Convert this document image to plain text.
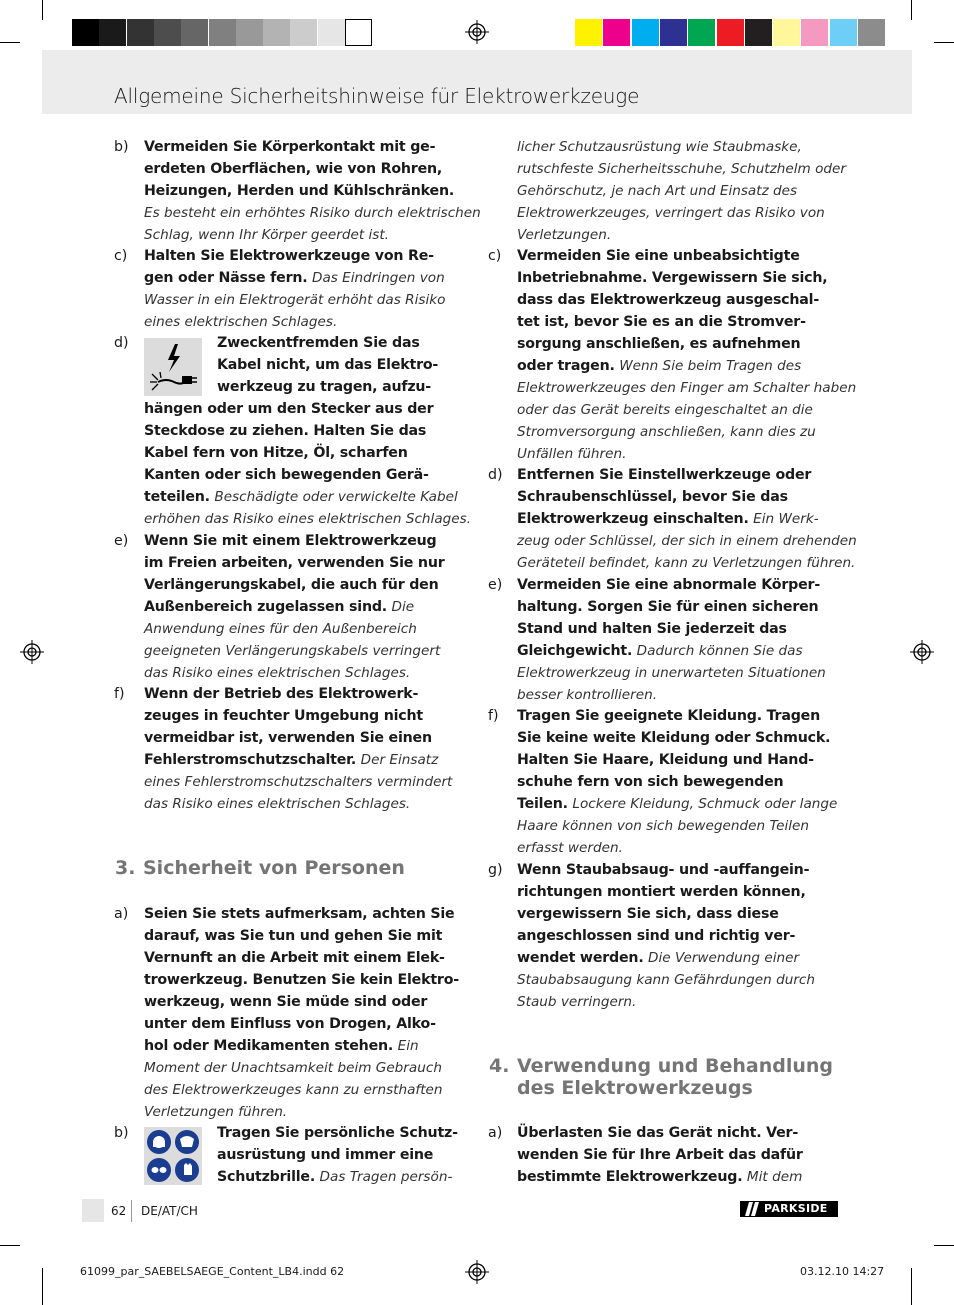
Allgemeine Sicherheitshinweise für Elektrowerkzeuge
62 DE/AT/CH	PARKSIDE
61099_par_SAEBELSAEGE_Content_LB4.indd 62	03.12.10 14:27
b) Vermeiden Sie Körperkontakt mit ge-
erdeten Oberflächen, wie von Rohren,
Heizungen, Herden und Kühlschränken.
Es besteht ein erhöhtes Risiko durch elektrischen
Schlag, wenn Ihr Körper geerdet ist.
c) Halten Sie Elektrowerkzeuge von Re-
gen oder Nässe fern. Das Eindringen von
Wasser in ein Elektrogerät erhöht das Risiko
eines elektrischen Schlages.
d)	Zweckentfremden Sie das
Kabel nicht, um das Elektro-
werkzeug zu tragen, aufzu-
hängen oder um den Stecker aus der
Steckdose zu ziehen. Halten Sie das
Kabel fern von Hitze, Öl, scharfen
Kanten oder sich bewegenden Gerä-
teteilen. Beschädigte oder verwickelte Kabel
erhöhen das Risiko eines elektrischen Schlages.
e) Wenn Sie mit einem Elektrowerkzeug
im Freien arbeiten, verwenden Sie nur
Verlängerungskabel, die auch für den
Außenbereich zugelassen sind. Die
Anwendung eines für den Außenbereich
geeigneten Verlängerungskabels verringert
das Risiko eines elektrischen Schlages.
f) Wenn der Betrieb des Elektrowerk-
zeuges in feuchter Umgebung nicht
vermeidbar ist, verwenden Sie einen
Fehlerstromschutzschalter. Der Einsatz
eines Fehlerstromschutzschalters vermindert
das Risiko eines elektrischen Schlages.
3. Sicherheit von Personen
a) Seien Sie stets aufmerksam, achten Sie
darauf, was Sie tun und gehen Sie mit
Vernunft an die Arbeit mit einem Elek-
trowerkzeug. Benutzen Sie kein Elektro-
werkzeug, wenn Sie müde sind oder
unter dem Einfluss von Drogen, Alko-
hol oder Medikamenten stehen. Ein
Moment der Unachtsamkeit beim Gebrauch
des Elektrowerkzeuges kann zu ernsthaften
Verletzungen führen.
b)	Tragen Sie persönliche Schutz-
ausrüstung und immer eine
Schutzbrille. Das Tragen persön-
licher Schutzausrüstung wie Staubmaske,
rutschfeste Sicherheitsschuhe, Schutzhelm oder
Gehörschutz, je nach Art und Einsatz des
Elektrowerkzeuges, verringert das Risiko von
Verletzungen.
c) Vermeiden Sie eine unbeabsichtigte
Inbetriebnahme. Vergewissern Sie sich,
dass das Elektrowerkzeug ausgeschal-
tet ist, bevor Sie es an die Stromver-
sorgung anschließen, es aufnehmen
oder tragen. Wenn Sie beim Tragen des
Elektrowerkzeuges den Finger am Schalter haben
oder das Gerät bereits eingeschaltet an die
Stromversorgung anschließen, kann dies zu
Unfällen führen.
d) Entfernen Sie Einstellwerkzeuge oder
Schraubenschlüssel, bevor Sie das
Elektrowerkzeug einschalten. Ein Werk-
zeug oder Schlüssel, der sich in einem drehenden
Geräteteil befindet, kann zu Verletzungen führen.
e) Vermeiden Sie eine abnormale Körper-
haltung. Sorgen Sie für einen sicheren
Stand und halten Sie jederzeit das
Gleichgewicht. Dadurch können Sie das
Elektrowerkzeug in unerwarteten Situationen
besser kontrollieren.
f) Tragen Sie geeignete Kleidung. Tragen
Sie keine weite Kleidung oder Schmuck.
Halten Sie Haare, Kleidung und Hand-
schuhe fern von sich bewegenden
Teilen. Lockere Kleidung, Schmuck oder lange
Haare können von sich bewegenden Teilen
erfasst werden.
g) Wenn Staubabsaug- und -auffangein-
richtungen montiert werden können,
vergewissern Sie sich, dass diese
angeschlossen sind und richtig ver-
wendet werden. Die Verwendung einer
Staubabsaugung kann Gefährdungen durch
Staub verringern.
4. Verwendung und Behandlung
des Elektrowerkzeugs
a) Überlasten Sie das Gerät nicht. Ver-
wenden Sie für Ihre Arbeit das dafür
bestimmte Elektrowerkzeug. Mit dem
